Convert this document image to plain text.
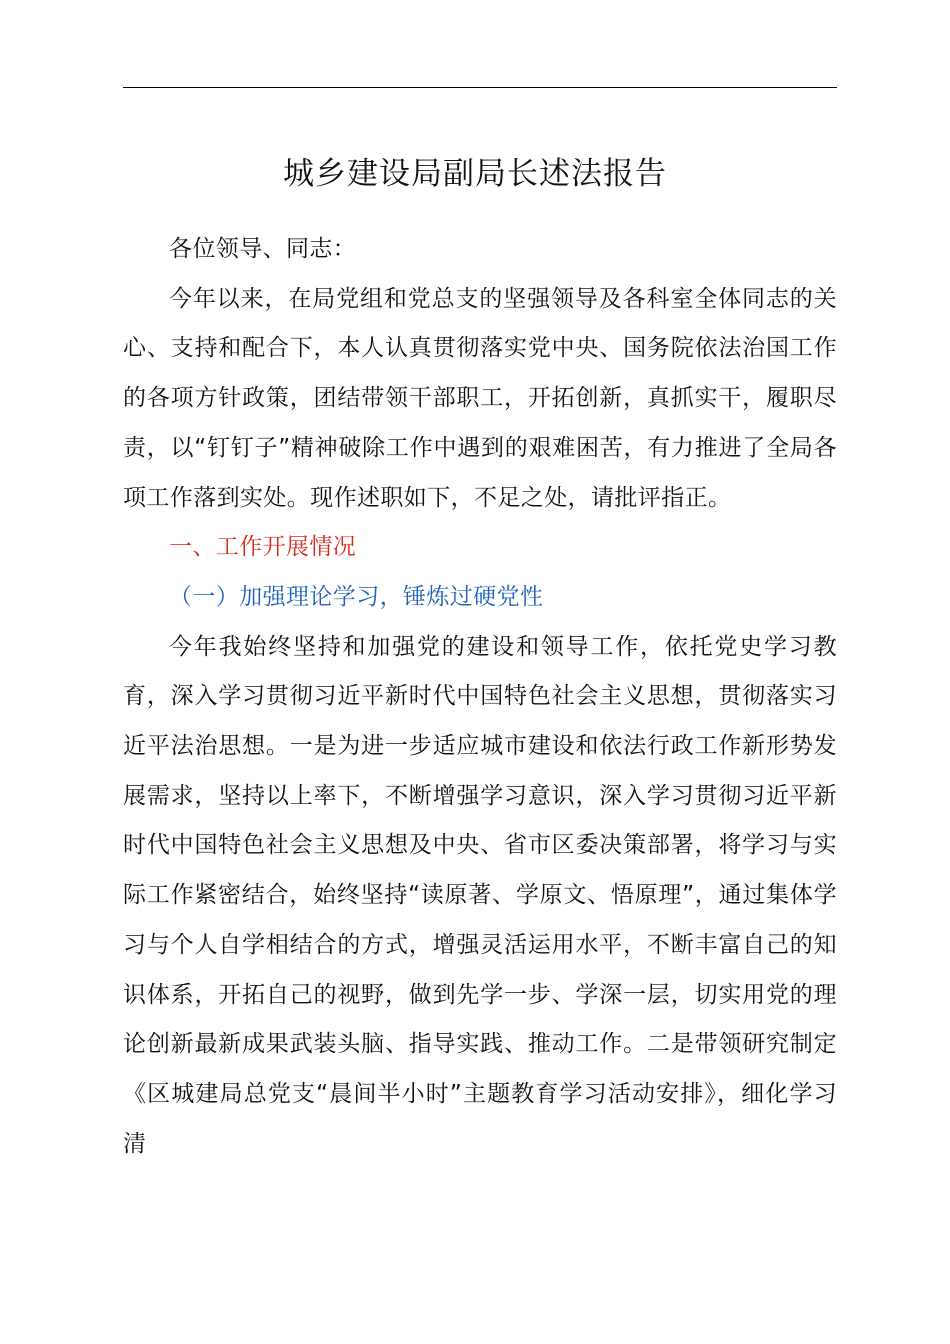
城乡建设局副局长述法报告

各位领导、同志：

今年以来，在局党组和党总支的坚强领导及各科室全体同志的关心、支持和配合下，本人认真贯彻落实党中央、国务院依法治国工作的各项方针政策，团结带领干部职工，开拓创新，真抓实干，履职尽责，以“钉钉子”精神破除工作中遇到的艰难困苦，有力推进了全局各项工作落到实处。现作述职如下，不足之处，请批评指正。

一、工作开展情况

（一）加强理论学习，锤炼过硬党性

今年我始终坚持和加强党的建设和领导工作，依托党史学习教育，深入学习贯彻习近平新时代中国特色社会主义思想，贯彻落实习近平法治思想。一是为进一步适应城市建设和依法行政工作新形势发展需求，坚持以上率下，不断增强学习意识，深入学习贯彻习近平新时代中国特色社会主义思想及中央、省市区委决策部署，将学习与实际工作紧密结合，始终坚持“读原著、学原文、悟原理”，通过集体学习与个人自学相结合的方式，增强灵活运用水平，不断丰富自己的知识体系，开拓自己的视野，做到先学一步、学深一层，切实用党的理论创新最新成果武装头脑、指导实践、推动工作。二是带领研究制定《区城建局总党支“晨间半小时”主题教育学习活动安排》，细化学习清
